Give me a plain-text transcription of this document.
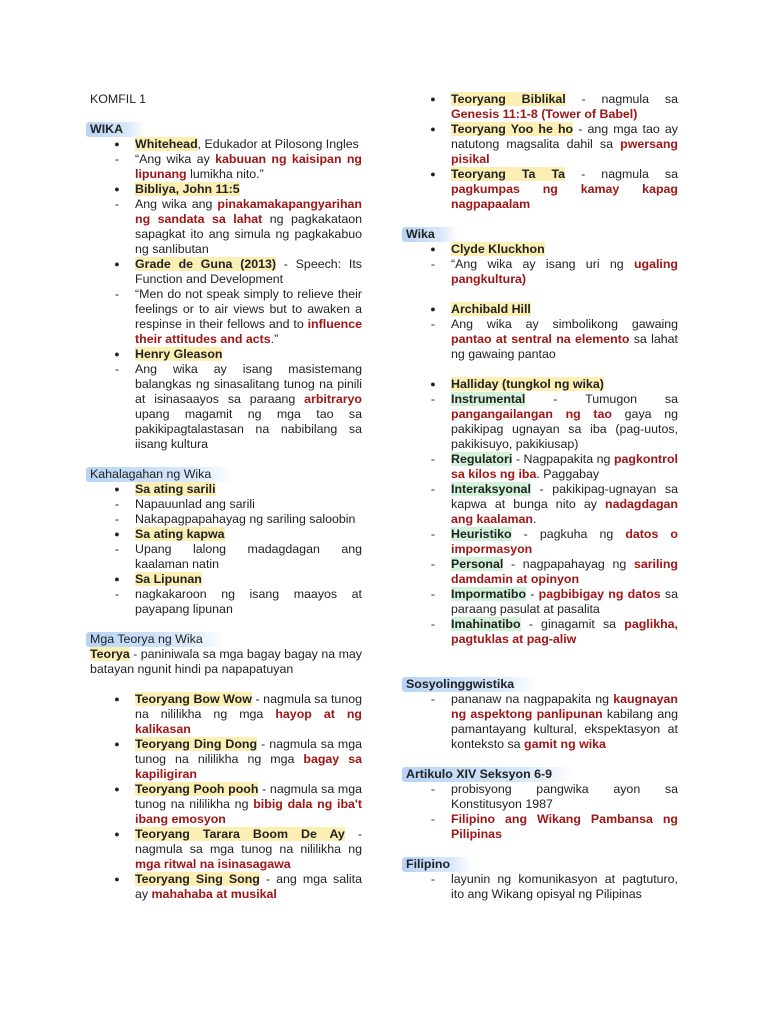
KOMFIL 1
WIKA
● Whitehead, Edukador at Pilosong Ingles
- “Ang wika ay kabuuan ng kaisipan ng lipunang lumikha nito.”
● Bibliya, John 11:5
- Ang wika ang pinakamakapangyarihan ng sandata sa lahat ng pagkakataon sapagkat ito ang simula ng pagkakabuo ng sanlibutan
● Grade de Guna (2013) - Speech: Its Function and Development
- “Men do not speak simply to relieve their feelings or to air views but to awaken a respinse in their fellows and to influence their attitudes and acts.”
● Henry Gleason
- Ang wika ay isang masistemang balangkas ng sinasalitang tunog na pinili at isinasaayos sa paraang arbitraryo upang magamit ng mga tao sa pakikipagtalastasan na nabibilang sa iisang kultura
Kahalagahan ng Wika
● Sa ating sarili
- Napauunlad ang sarili
- Nakapagpapahayag ng sariling saloobin
● Sa ating kapwa
- Upang lalong madagdagan ang kaalaman natin
● Sa Lipunan
- nagkakaroon ng isang maayos at payapang lipunan
Mga Teorya ng Wika
Teorya - paniniwala sa mga bagay bagay na may batayan ngunit hindi pa napapatuyan
● Teoryang Bow Wow - nagmula sa tunog na nililikha ng mga hayop at ng kalikasan
● Teoryang Ding Dong - nagmula sa mga tunog na nililikha ng mga bagay sa kapiligiran
● Teoryang Pooh pooh - nagmula sa mga tunog na nililikha ng bibig dala ng iba't ibang emosyon
● Teoryang Tarara Boom De Ay - nagmula sa mga tunog na nililikha ng mga ritwal na isinasagawa
● Teoryang Sing Song - ang mga salita ay mahahaba at musikal
● Teoryang Biblikal - nagmula sa Genesis 11:1-8 (Tower of Babel)
● Teoryang Yoo he ho - ang mga tao ay natutong magsalita dahil sa pwersang pisikal
● Teoryang Ta Ta - nagmula sa pagkumpas ng kamay kapag nagpapaalam
Wika
● Clyde Kluckhon
- “Ang wika ay isang uri ng ugaling pangkultura)
● Archibald Hill
- Ang wika ay simbolikong gawaing pantao at sentral na elemento sa lahat ng gawaing pantao
● Halliday (tungkol ng wika)
- Instrumental - Tumugon sa pangangailangan ng tao gaya ng pakikipag ugnayan sa iba (pag-uutos, pakikisuyo, pakikiusap)
- Regulatori - Nagpapakita ng pagkontrol sa kilos ng iba. Paggabay
- Interaksyonal - pakikipag-ugnayan sa kapwa at bunga nito ay nadagdagan ang kaalaman.
- Heuristiko - pagkuha ng datos o impormasyon
- Personal - nagpapahayag ng sariling damdamin at opinyon
- Impormatibo - pagbibigay ng datos sa paraang pasulat at pasalita
- Imahinatibo - ginagamit sa paglikha, pagtuklas at pag-aliw
Sosyolinggwistika
- pananaw na nagpapakita ng kaugnayan ng aspektong panlipunan kabilang ang pamantayang kultural, ekspektasyon at konteksto sa gamit ng wika
Artikulo XIV Seksyon 6-9
- probisyong pangwika ayon sa Konstitusyon 1987
- Filipino ang Wikang Pambansa ng Pilipinas
Filipino
- layunin ng komunikasyon at pagtuturo, ito ang Wikang opisyal ng Pilipinas
